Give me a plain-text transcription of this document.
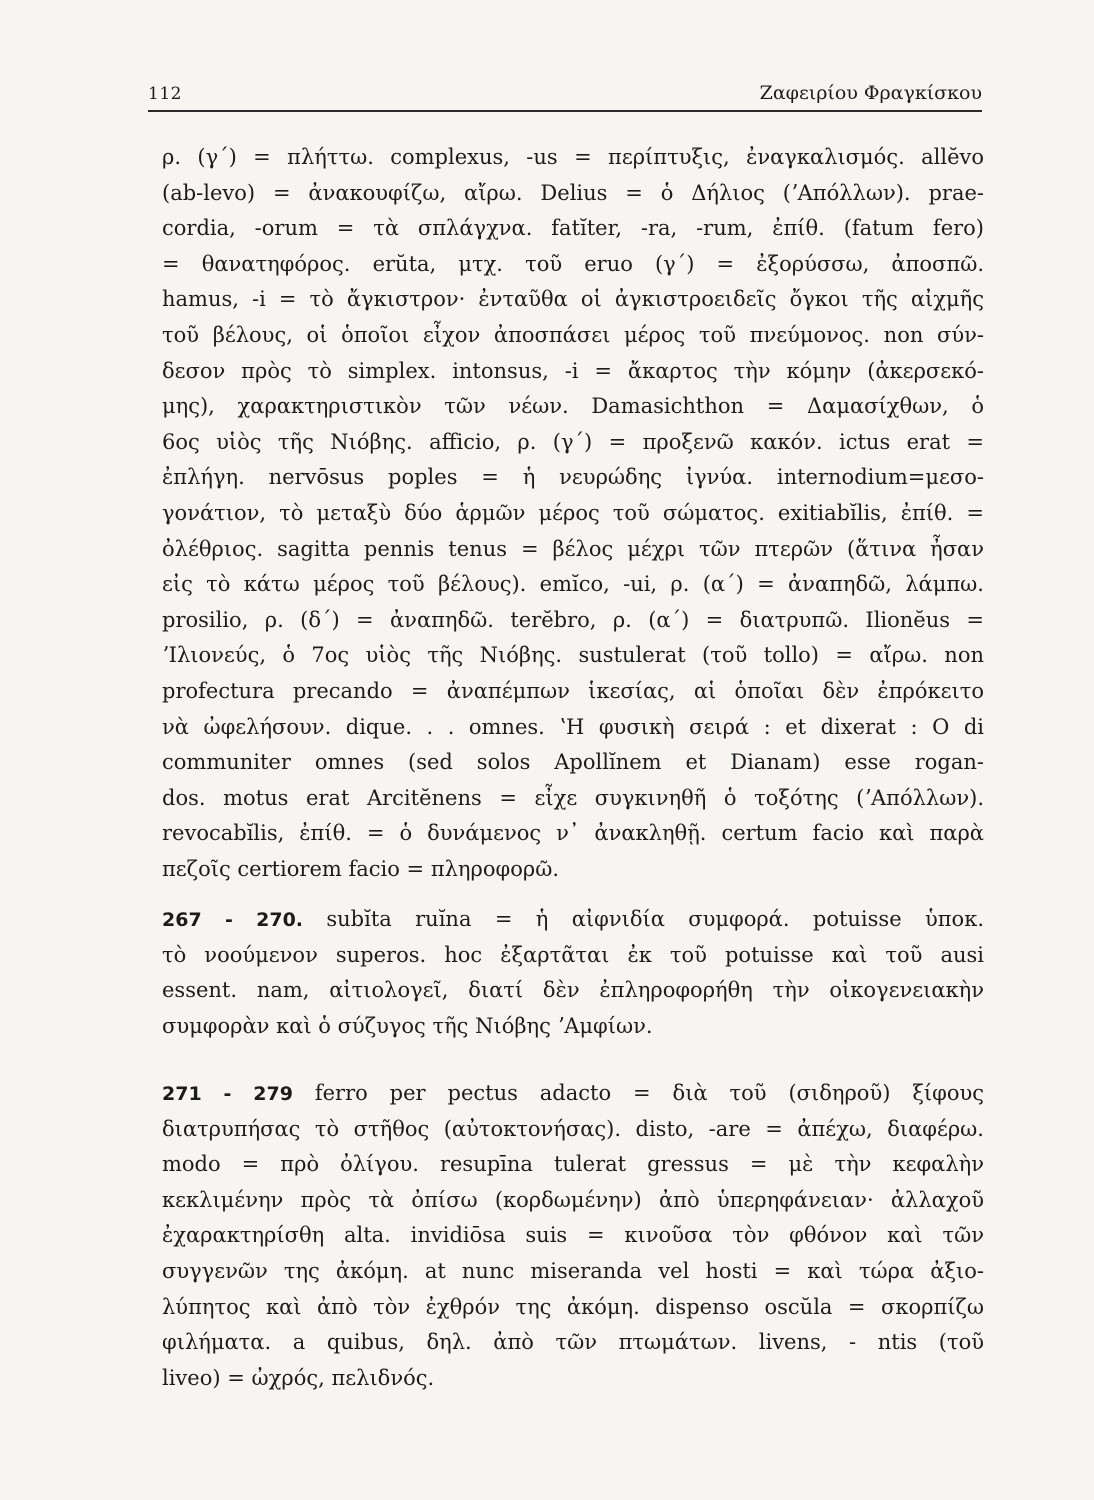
112	Ζαφειρίου Φραγκίσκου
ρ. (γ΄) = πλήττω. complexus, -us = περίπτυξις, ἐναγκαλισμός. allĕvo
(ab-levo) = ἀνακουφίζω, αἴρω. Delius = ὁ Δήλιος (ʼΑπόλλων). prae-
cordia, -orum = τὰ σπλάγχνα. fatĭter, -ra, -rum, ἐπίθ. (fatum fero)
= θανατηφόρος. erŭta, μτχ. τοῦ eruo (γ΄) = ἐξορύσσω, ἀποσπῶ.
hamus, -i = τὸ ἄγκιστρον· ἐνταῦθα οἱ ἀγκιστροειδεῖς ὄγκοι τῆς αἰχμῆς
τοῦ βέλους, οἱ ὁποῖοι εἶχον ἀποσπάσει μέρος τοῦ πνεύμονος. non σύν-
δεσον πρὸς τὸ simplex. intonsus, -i = ἄκαρτος τὴν κόμην (ἀκερσεκό-
μης), χαρακτηριστικὸν τῶν νέων. Damasichthon = Δαμασίχθων, ὁ
6ος υἱὸς τῆς Νιόβης. afficio, ρ. (γ΄) = προξενῶ κακόν. ictus erat =
ἐπλήγη. nervōsus poples = ἡ νευρώδης ἰγνύα. internodium=μεσο-
γονάτιον, τὸ μεταξὺ δύο ἁρμῶν μέρος τοῦ σώματος. exitiabĭlis, ἐπίθ. =
ὀλέθριος. sagitta pennis tenus = βέλος μέχρι τῶν πτερῶν (ἅτινα ἦσαν
εἰς τὸ κάτω μέρος τοῦ βέλους). emĭco, -ui, ρ. (α΄) = ἀναπηδῶ, λάμπω.
prosilio, ρ. (δ΄) = ἀναπηδῶ. terĕbro, ρ. (α΄) = διατρυπῶ. Ilionĕus =
ʼΙλιονεύς, ὁ 7ος υἱὸς τῆς Νιόβης. sustulerat (τοῦ tollo) = αἴρω. non
profectura precando = ἀναπέμπων ἱκεσίας, αἱ ὁποῖαι δὲν ἐπρόκειτο
νὰ ὠφελήσουν. dique. . . omnes. ʽΗ φυσικὴ σειρά : et dixerat : O di
communiter omnes (sed solos Apollĭnem et Dianam) esse rogan-
dos. motus erat Arcitĕnens = εἶχε συγκινηθῆ ὁ τοξότης (ʼΑπόλλων).
revocabĭlis, ἐπίθ. = ὁ δυνάμενος ν᾽ ἀνακληθῇ. certum facio καὶ παρὰ
πεζοῖς certiorem facio = πληροφορῶ.
267 - 270. subĭta ruĭna = ἡ αἰφνιδία συμφορά. potuisse ὑποκ.
τὸ νοούμενον superos. hoc ἐξαρτᾶται ἐκ τοῦ potuisse καὶ τοῦ ausi
essent. nam, αἰτιολογεῖ, διατί δὲν ἐπληροφορήθη τὴν οἰκογενειακὴν
συμφορὰν καὶ ὁ σύζυγος τῆς Νιόβης ʼΑμφίων.
271 - 279 ferro per pectus adacto = διὰ τοῦ (σιδηροῦ) ξίφους
διατρυπήσας τὸ στῆθος (αὐτοκτονήσας). disto, -are = ἀπέχω, διαφέρω.
modo = πρὸ ὀλίγου. resupīna tulerat gressus = μὲ τὴν κεφαλὴν
κεκλιμένην πρὸς τὰ ὀπίσω (κορδωμένην) ἀπὸ ὑπερηφάνειαν· ἀλλαχοῦ
ἐχαρακτηρίσθη alta. invidiōsa suis = κινοῦσα τὸν φθόνον καὶ τῶν
συγγενῶν της ἀκόμη. at nunc miseranda vel hosti = καὶ τώρα ἀξιο-
λύπητος καὶ ἀπὸ τὸν ἐχθρόν της ἀκόμη. dispenso oscŭla = σκορπίζω
φιλήματα. a quibus, δηλ. ἀπὸ τῶν πτωμάτων. livens, - ntis (τοῦ
liveo) = ὠχρός, πελιδνός.
